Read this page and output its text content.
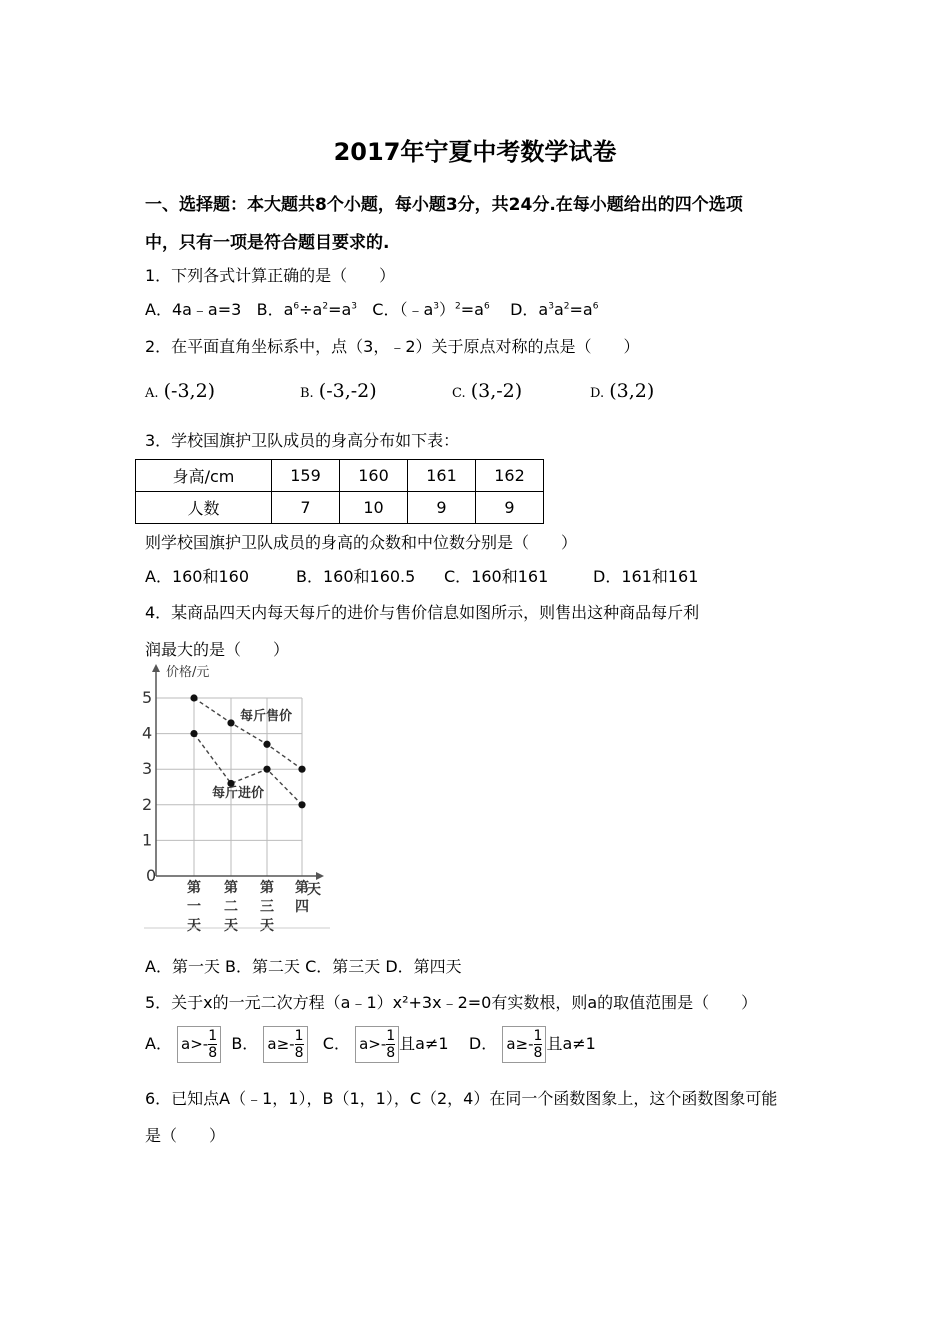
2017年宁夏中考数学试卷
一、选择题：本大题共8个小题，每小题3分，共24分.在每小题给出的四个选项
中，只有一项是符合题目要求的.
1．下列各式计算正确的是（　　）
A．4a﹣a=3 B．$a^6\div a^2=a^3$ C．$(﹣a^3)^2=a^6$ D．$a^3a^2=a^6$
2．在平面直角坐标系中，点（3，﹣2）关于原点对称的点是（　　）
A. (-3,2)	B. (-3,-2)	C. (3,-2)	D. (3,2)
3．学校国旗护卫队成员的身高分布如下表：
身高/cm	159	160	161	162
人数	7	10	9	9
则学校国旗护卫队成员的身高的众数和中位数分别是（　　）
A．160和160	B．160和160.5 C．160和161	D．161和161
4．某商品四天内每天每斤的进价与售价信息如图所示，则售出这种商品每斤利
润最大的是（　　）
价格/元
0
1
2
3
4
5
第
一
天
第
二
天
第
三
天
第
四
天
每斤售价
每斤进价
A．第一天 B．第二天 C．第三天 D．第四天
5．关于x的一元二次方程（a﹣1）x²+3x﹣2=0有实数根，则a的取值范围是（　　）
A． $a>- \frac{1}{8}$ B． $a\ge- \frac{1}{8}$ C． $a>- \frac{1}{8}$ 且a≠1 D． $a\ge- \frac{1}{8}$ 且a≠1
6．已知点A（﹣1，1），B（1，1），C（2，4）在同一个函数图象上，这个函数图象可能
是（　　）
